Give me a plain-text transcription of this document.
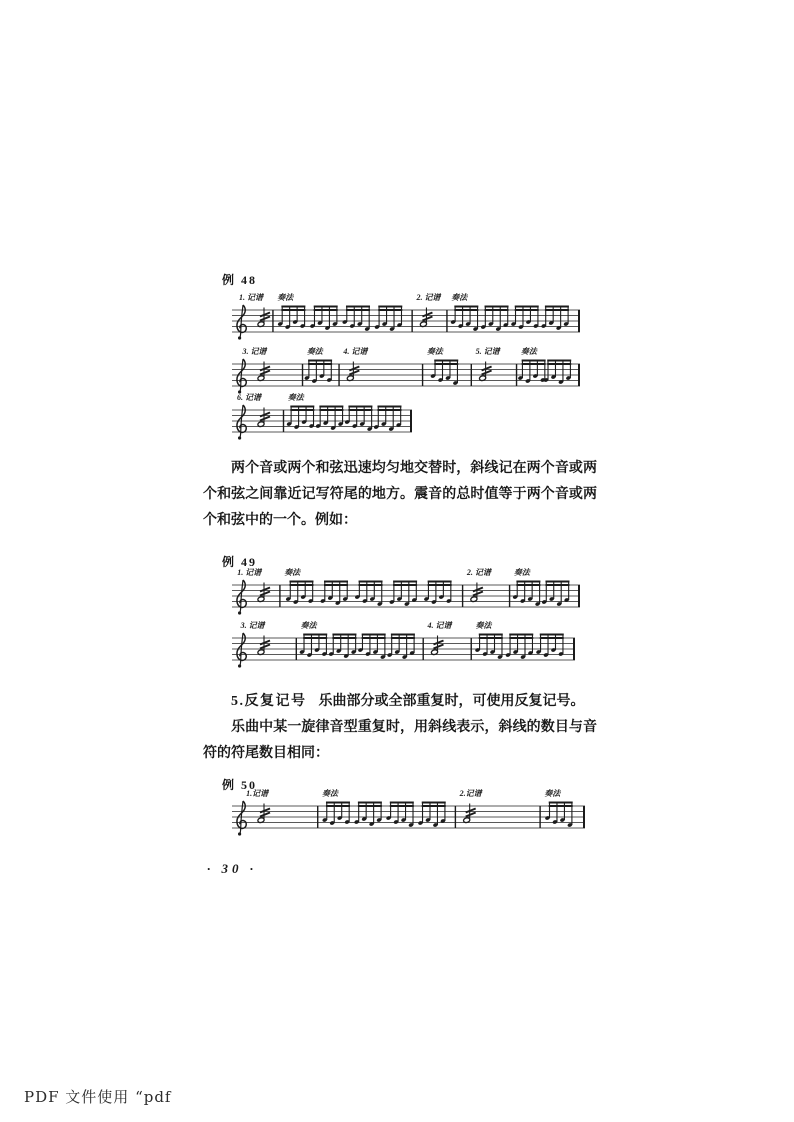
例 48
1. 记谱 奏法	2. 记谱 奏法
3. 记谱	奏法	4. 记谱	奏法	5. 记谱	奏法
6. 记谱	奏法
例 49
1. 记谱	奏法	2. 记谱	奏法
3. 记谱	奏法	4. 记谱	奏法
例 50
1.记谱	奏法	2.记谱	奏法
两个音或两个和弦迅速均匀地交替时，斜线记在两个音或两个和弦之间靠近记写符尾的地方。震音的总时值等于两个音或两个和弦中的一个。例如：
5.反复记号 乐曲部分或全部重复时，可使用反复记号。
乐曲中某一旋律音型重复时，用斜线表示，斜线的数目与音符的符尾数目相同：
· 30 ·
PDF 文件使用 “pdf
